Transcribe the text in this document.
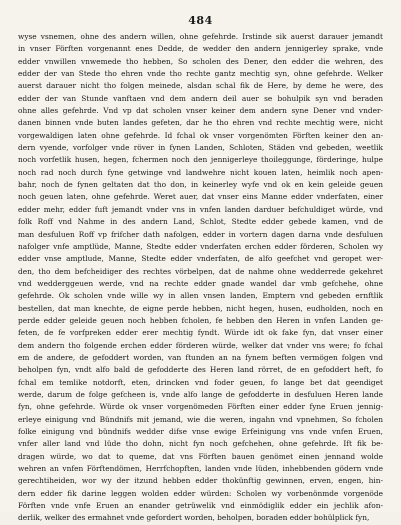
484
wyse vsnemen, ohne des andern willen, ohne gefehrde. Irstinde sik auerst darauer jemandt
in vnser Förften vorgenannt enes Dedde, de wedder den andern jennigerley sprake, vnde
edder vnwillen vnwemede tho hebben, So scholen des Dener, den edder die wehren, des
edder der van Stede tho ehren vnde tho rechte gantz mechtig syn, ohne gefehrde. Welker
auerst darauer nicht tho folgen meinede, alsdan schal fik de Here, by deme he were, des
edder der van Stunde vanftaen vnd dem andern deil auer se bohulpik syn vnd beraden
ohne alles gefehrde. Vnd vp dat scholen vnser keiner dem andern syne Dener vnd vnder-
danen binnen vnde buten landes gefeten, dar he tho ehren vnd rechte mechtig were, nicht
vorgewaldigen laten ohne gefehrde. Id fchal ok vnser vorgenömten Förften keiner den an-
dern vyende, vorfolger vnde röver in fynen Landen, Schloten, Städen vnd gebeden, weetlik
noch vorfetlik husen, hegen, fchermen noch den jennigerleye thoileggunge, förderinge, hulpe
noch rad noch durch fyne getwinge vnd landwehre nicht kouen laten, heimlik noch apen-
bahr, noch de fynen geltaten dat tho don, in keinerley wyfe vnd ok en kein geleide geuen
noch geuen laten, ohne gefehrde. Weret auer, dat vnser eins Manne edder vnderfaten, einer
edder mehr, edder fuft jemandt vnder vns in vnfen landen darduer befchuldiget würde, vnd
folk Roff vnd Nahme in des andern Land, Schlot, Stedte edder gebede kamen, vnd de
man desfuluen Roff vp frifcher dath nafolgen, edder in vortern dagen darna vnde desfuluen
nafolger vnfe amptlüde, Manne, Stedte edder vnderfaten erchen edder förderen, Scholen wy
edder vnse amptlude, Manne, Stedte edder vnderfaten, de alfo geefchet vnd geropet wer-
den, tho dem befcheidiger des rechtes vörbelpen, dat de nahme ohne wedderrede gekehret
vnd wedderggeuen werde, vnd na rechte edder gnade wandel dar vmb gefchehe, ohne
gefehrde. Ok scholen vnde wille wy in allen vnsen landen, Emptern vnd gebeden ernftlik
bestellen, dat man knechte, de eigne perde hebben, nicht hegen, husen, eudholden, noch en
perde edder geleide geuen noch hebben fcholen, fe hebben den Heren in vnfen Landen ge-
feten, de fe vorfpreken edder erer mechtig fyndt. Würde idt ok fake fyn, dat vnser einer
dem andern tho folgende erchen edder förderen würde, welker dat vnder vns were; fo fchal
em de andere, de gefoddert worden, van ftunden an na fynem beften vermögen folgen vnd
beholpen fyn, vndt alfo bald de gefodderte des Heren land rörret, de en gefoddert heft, fo
fchal em temlike notdorft, eten, drincken vnd foder geuen, fo lange bet dat geendiget
werde, darum de folge gefcheen is, vnde alfo lange de gefodderte in desfuluen Heren lande
fyn, ohne gefehrde. Würde ok vnser vorgenömeden Förften einer edder fyne Eruen jennig-
erleye einigung vnd Bündnifs mit jemand, wie die weren, ingahn vnd vpnehmen, So fcholen
folke einigung vnd bündnifs wedder difse vnse ewige Erfeinigung vns vnde vnfen Eruen,
vnfer aller land vnd lüde tho dohn, nicht fyn noch gefchehen, ohne gefehrde. Ift fik be-
dragen würde, wo dat to queme, dat vns Förften bauen genömet einen jennand wolde
wehren an vnfen Förftendömen, Herrfchopften, landen vnde lüden, inhebbenden gödern vnde
gerechtiheiden, wor wy der itzund hebben edder thokünftig gewinnen, erven, engen, hin-
dern edder fik darine leggen wolden edder würden: Scholen wy vorbenönmde vorgenöde
Förften vnde vnfe Eruen an enander getrüwelik vnd einmödiglik edder ein jechlik afon-
derlik, welker des ermahnet vnde gefordert worden, beholpen, boraden edder bohülplick fyn,
